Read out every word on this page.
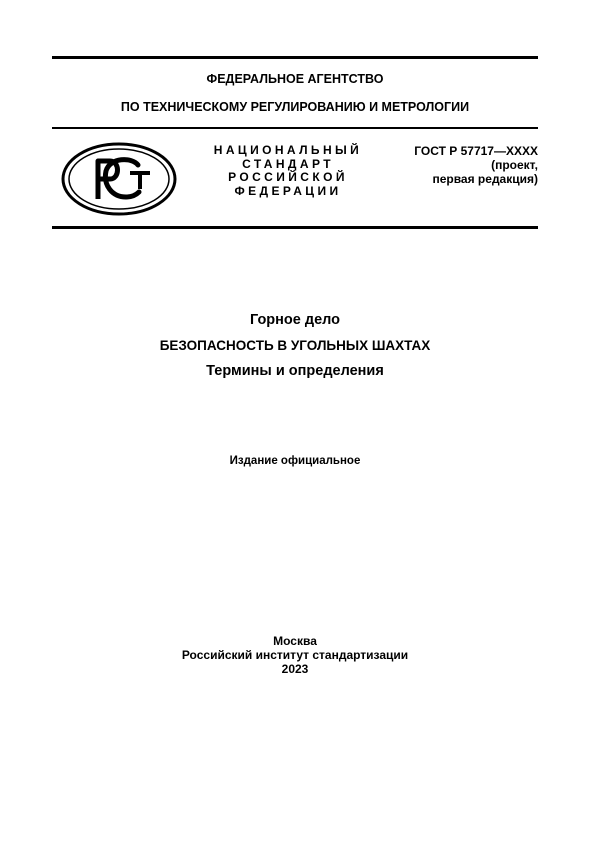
ФЕДЕРАЛЬНОЕ АГЕНТСТВО
ПО ТЕХНИЧЕСКОМУ РЕГУЛИРОВАНИЮ И МЕТРОЛОГИИ
НАЦИОНАЛЬНЫЙ
СТАНДАРТ
РОССИЙСКОЙ
ФЕДЕРАЦИИ
ГОСТ Р 57717—XXXX
(проект,
первая редакция)
Горное дело
БЕЗОПАСНОСТЬ В УГОЛЬНЫХ ШАХТАХ
Термины и определения
Издание официальное
Москва
Российский институт стандартизации
2023
